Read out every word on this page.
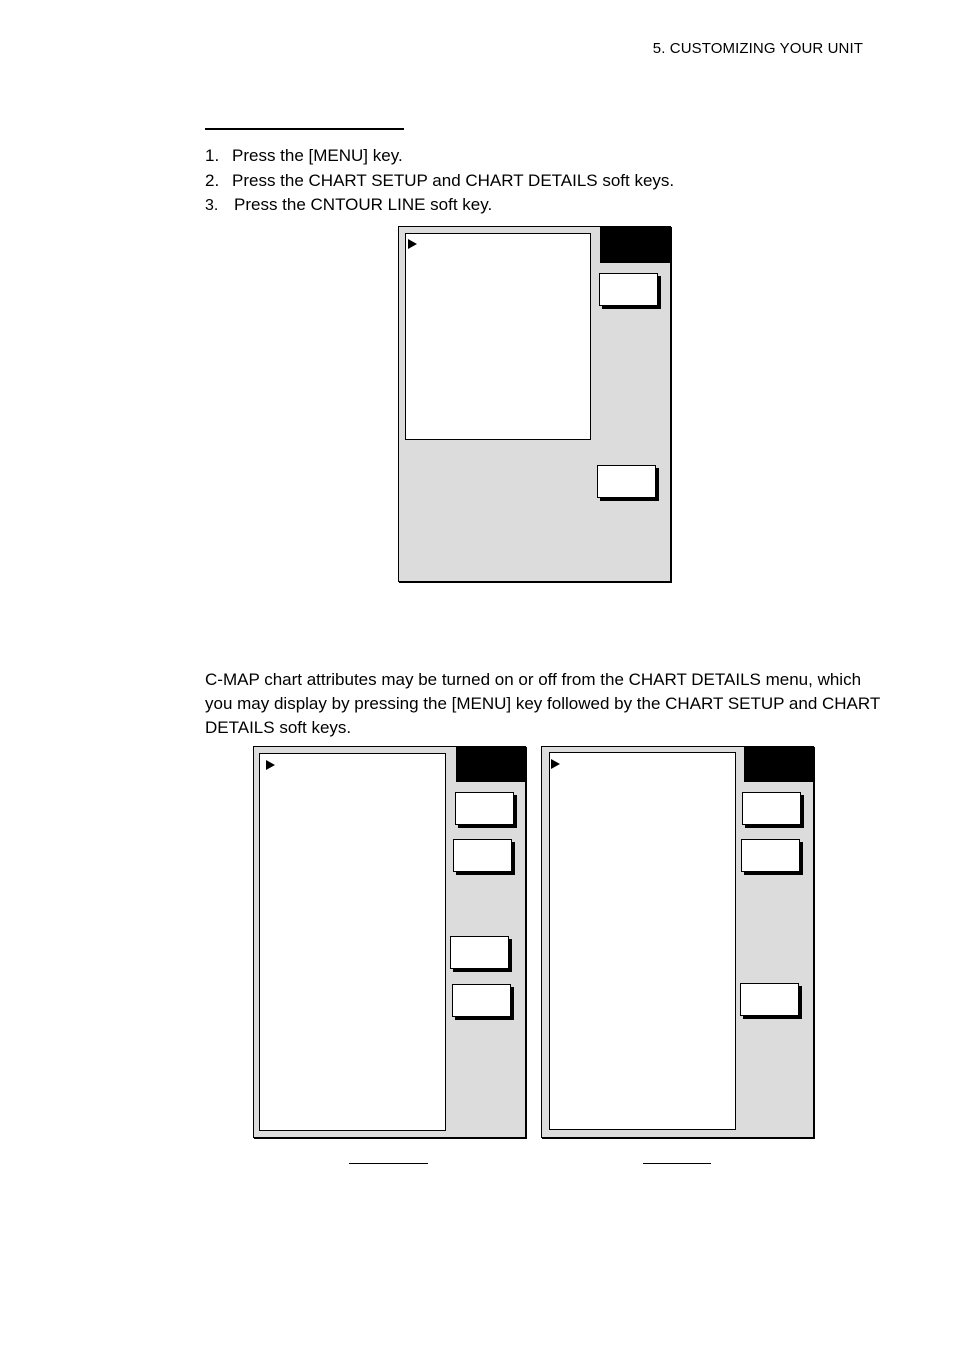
5. CUSTOMIZING YOUR UNIT
1. Press the [MENU] key.
2. Press the CHART SETUP and CHART DETAILS soft keys.
3. Press the CNTOUR LINE soft key.

C-MAP chart attributes may be turned on or off from the CHART DETAILS menu, which you may display by pressing the [MENU] key followed by the CHART SETUP and CHART DETAILS soft keys.
